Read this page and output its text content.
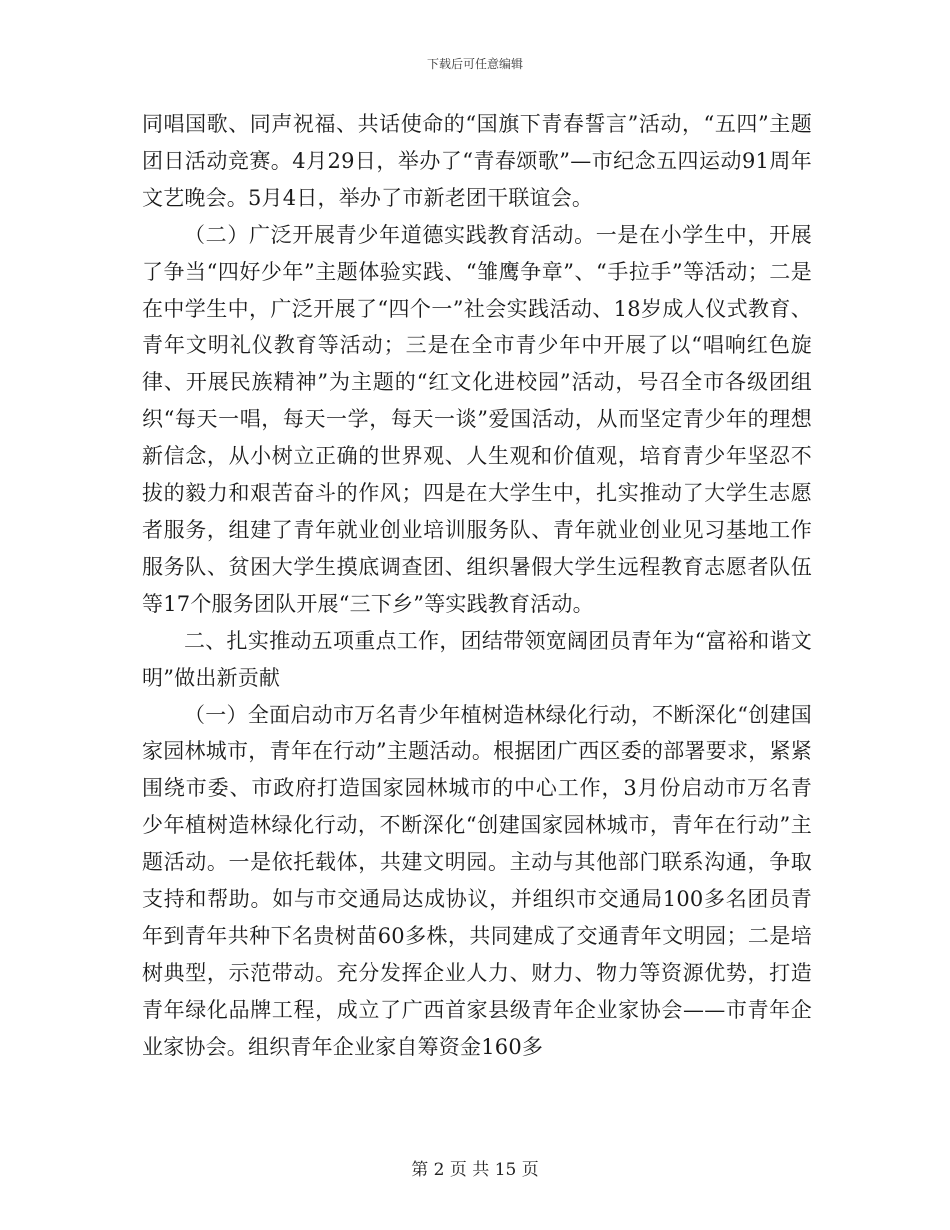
下载后可任意编辑

同唱国歌、同声祝福、共话使命的“国旗下青春誓言”活动，“五四”主题团日活动竞赛。4月29日，举办了“青春颂歌”—市纪念五四运动91周年文艺晚会。5月4日，举办了市新老团干联谊会。

（二）广泛开展青少年道德实践教育活动。一是在小学生中，开展了争当“四好少年”主题体验实践、“雏鹰争章”、“手拉手”等活动；二是在中学生中，广泛开展了“四个一”社会实践活动、18岁成人仪式教育、青年文明礼仪教育等活动；三是在全市青少年中开展了以“唱响红色旋律、开展民族精神”为主题的“红文化进校园”活动，号召全市各级团组织“每天一唱，每天一学，每天一谈”爱国活动，从而坚定青少年的理想新信念，从小树立正确的世界观、人生观和价值观，培育青少年坚忍不拔的毅力和艰苦奋斗的作风；四是在大学生中，扎实推动了大学生志愿者服务，组建了青年就业创业培训服务队、青年就业创业见习基地工作服务队、贫困大学生摸底调查团、组织暑假大学生远程教育志愿者队伍等17个服务团队开展“三下乡”等实践教育活动。

二、扎实推动五项重点工作，团结带领宽阔团员青年为“富裕和谐文明”做出新贡献

（一）全面启动市万名青少年植树造林绿化行动，不断深化“创建国家园林城市，青年在行动”主题活动。根据团广西区委的部署要求，紧紧围绕市委、市政府打造国家园林城市的中心工作，3月份启动市万名青少年植树造林绿化行动，不断深化“创建国家园林城市，青年在行动”主题活动。一是依托载体，共建文明园。主动与其他部门联系沟通，争取支持和帮助。如与市交通局达成协议，并组织市交通局100多名团员青年到青年共种下名贵树苗60多株，共同建成了交通青年文明园；二是培树典型，示范带动。充分发挥企业人力、财力、物力等资源优势，打造青年绿化品牌工程，成立了广西首家县级青年企业家协会——市青年企业家协会。组织青年企业家自筹资金160多

第 2 页 共 15 页
